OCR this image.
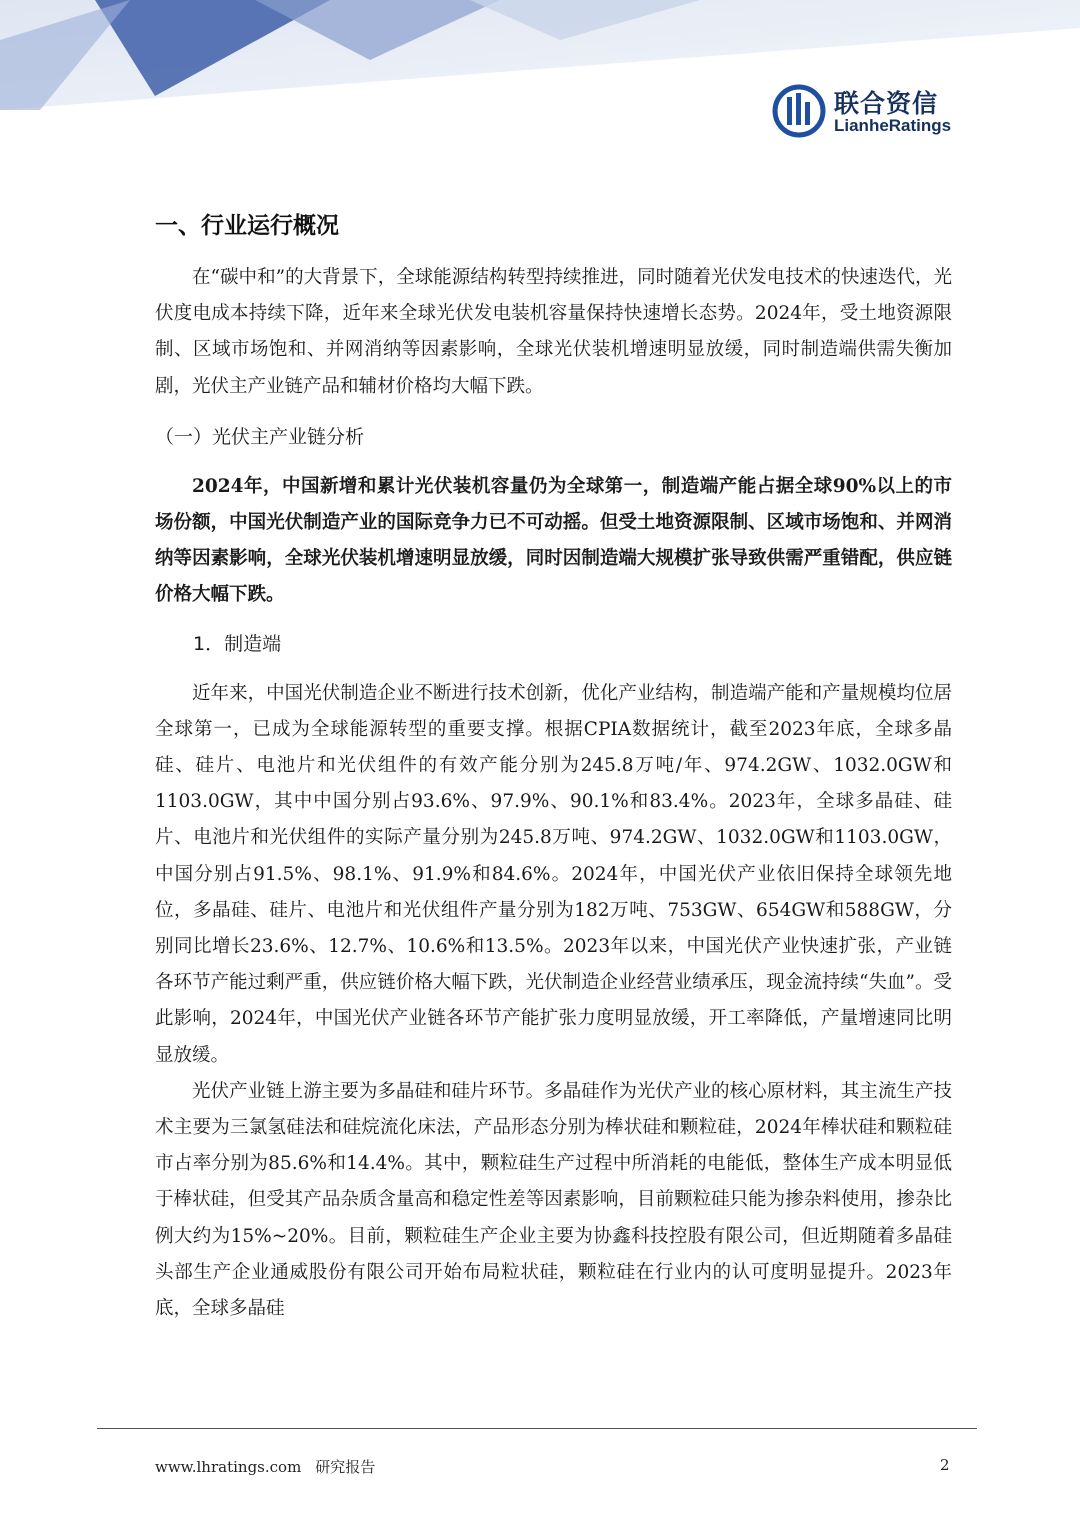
联合资信
LianheRatings
一、行业运行概况

在“碳中和”的大背景下，全球能源结构转型持续推进，同时随着光伏发电技术的快速迭代，光伏度电成本持续下降，近年来全球光伏发电装机容量保持快速增长态势。2024年，受土地资源限制、区域市场饱和、并网消纳等因素影响，全球光伏装机增速明显放缓，同时制造端供需失衡加剧，光伏主产业链产品和辅材价格均大幅下跌。

（一）光伏主产业链分析

2024年，中国新增和累计光伏装机容量仍为全球第一，制造端产能占据全球90%以上的市场份额，中国光伏制造产业的国际竞争力已不可动摇。但受土地资源限制、区域市场饱和、并网消纳等因素影响，全球光伏装机增速明显放缓，同时因制造端大规模扩张导致供需严重错配，供应链价格大幅下跌。

1．制造端

近年来，中国光伏制造企业不断进行技术创新，优化产业结构，制造端产能和产量规模均位居全球第一，已成为全球能源转型的重要支撑。根据CPIA数据统计，截至2023年底，全球多晶硅、硅片、电池片和光伏组件的有效产能分别为245.8万吨/年、974.2GW、1032.0GW和1103.0GW，其中中国分别占93.6%、97.9%、90.1%和83.4%。2023年，全球多晶硅、硅片、电池片和光伏组件的实际产量分别为245.8万吨、974.2GW、1032.0GW和1103.0GW，中国分别占91.5%、98.1%、91.9%和84.6%。2024年，中国光伏产业依旧保持全球领先地位，多晶硅、硅片、电池片和光伏组件产量分别为182万吨、753GW、654GW和588GW，分别同比增长23.6%、12.7%、10.6%和13.5%。2023年以来，中国光伏产业快速扩张，产业链各环节产能过剩严重，供应链价格大幅下跌，光伏制造企业经营业绩承压，现金流持续“失血”。受此影响，2024年，中国光伏产业链各环节产能扩张力度明显放缓，开工率降低，产量增速同比明显放缓。

光伏产业链上游主要为多晶硅和硅片环节。多晶硅作为光伏产业的核心原材料，其主流生产技术主要为三氯氢硅法和硅烷流化床法，产品形态分别为棒状硅和颗粒硅，2024年棒状硅和颗粒硅市占率分别为85.6%和14.4%。其中，颗粒硅生产过程中所消耗的电能低，整体生产成本明显低于棒状硅，但受其产品杂质含量高和稳定性差等因素影响，目前颗粒硅只能为掺杂料使用，掺杂比例大约为15%~20%。目前，颗粒硅生产企业主要为协鑫科技控股有限公司，但近期随着多晶硅头部生产企业通威股份有限公司开始布局粒状硅，颗粒硅在行业内的认可度明显提升。2023年底，全球多晶硅

www.lhratings.com 研究报告	2
